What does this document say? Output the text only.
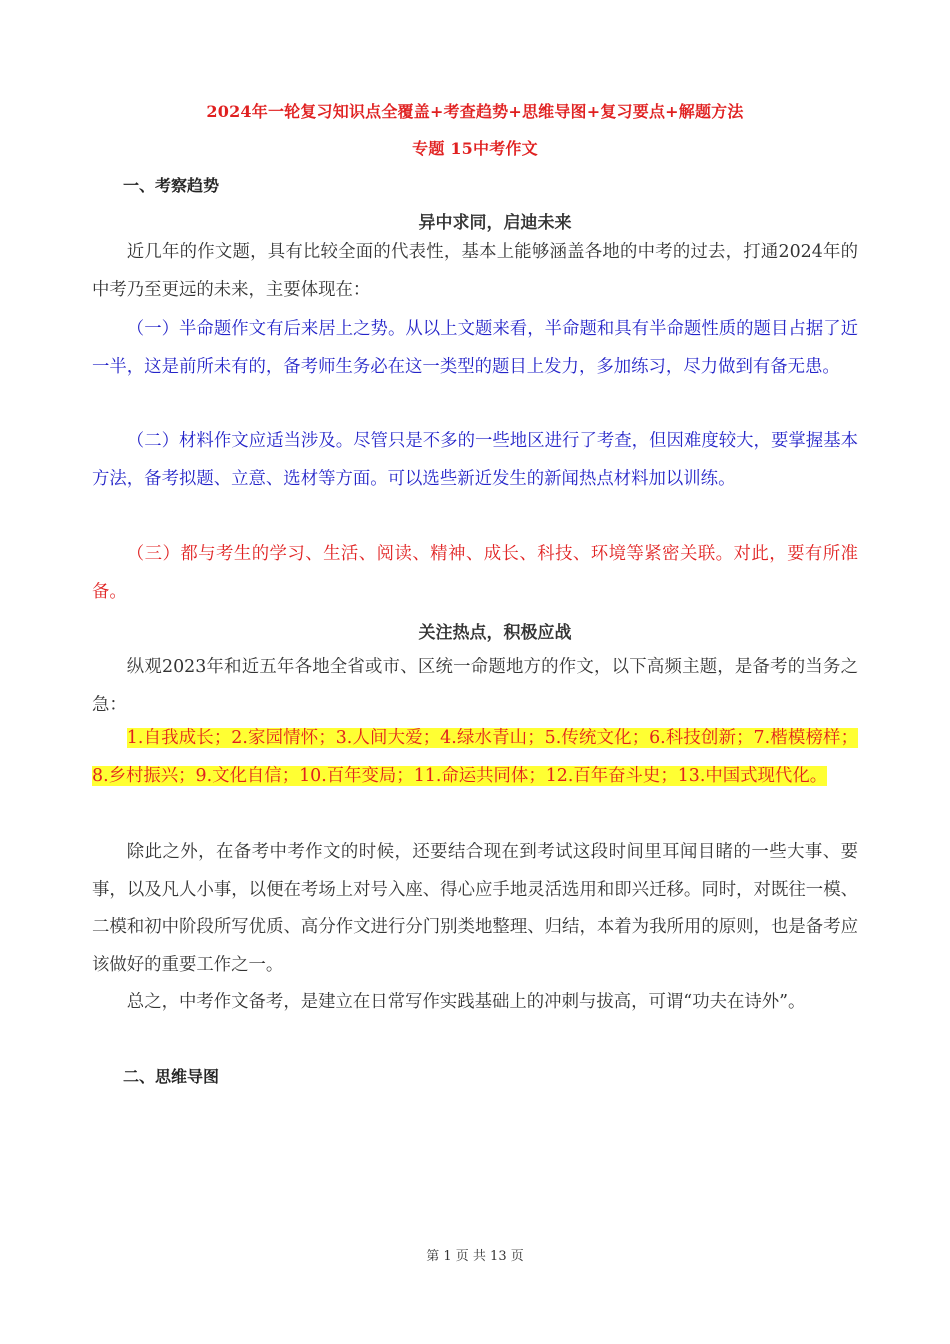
2024年一轮复习知识点全覆盖+考查趋势+思维导图+复习要点+解题方法
专题 15中考作文
一、考察趋势
异中求同，启迪未来

近几年的作文题，具有比较全面的代表性，基本上能够涵盖各地的中考的过去，打通2024年的中考乃至更远的未来，主要体现在：

（一）半命题作文有后来居上之势。从以上文题来看，半命题和具有半命题性质的题目占据了近一半，这是前所未有的，备考师生务必在这一类型的题目上发力，多加练习，尽力做到有备无患。

（二）材料作文应适当涉及。尽管只是不多的一些地区进行了考查，但因难度较大，要掌握基本方法，备考拟题、立意、选材等方面。可以选些新近发生的新闻热点材料加以训练。

（三）都与考生的学习、生活、阅读、精神、成长、科技、环境等紧密关联。对此，要有所准备。

关注热点，积极应战

纵观2023年和近五年各地全省或市、区统一命题地方的作文，以下高频主题，是备考的当务之急：

1.自我成长；2.家园情怀；3.人间大爱；4.绿水青山；5.传统文化；6.科技创新；7.楷模榜样；8.乡村振兴；9.文化自信；10.百年变局；11.命运共同体；12.百年奋斗史；13.中国式现代化。

除此之外，在备考中考作文的时候，还要结合现在到考试这段时间里耳闻目睹的一些大事、要事，以及凡人小事，以便在考场上对号入座、得心应手地灵活选用和即兴迁移。同时，对既往一模、二模和初中阶段所写优质、高分作文进行分门别类地整理、归结，本着为我所用的原则，也是备考应该做好的重要工作之一。

总之，中考作文备考，是建立在日常写作实践基础上的冲刺与拔高，可谓“功夫在诗外”。

二、思维导图
第 1 页 共 13 页
